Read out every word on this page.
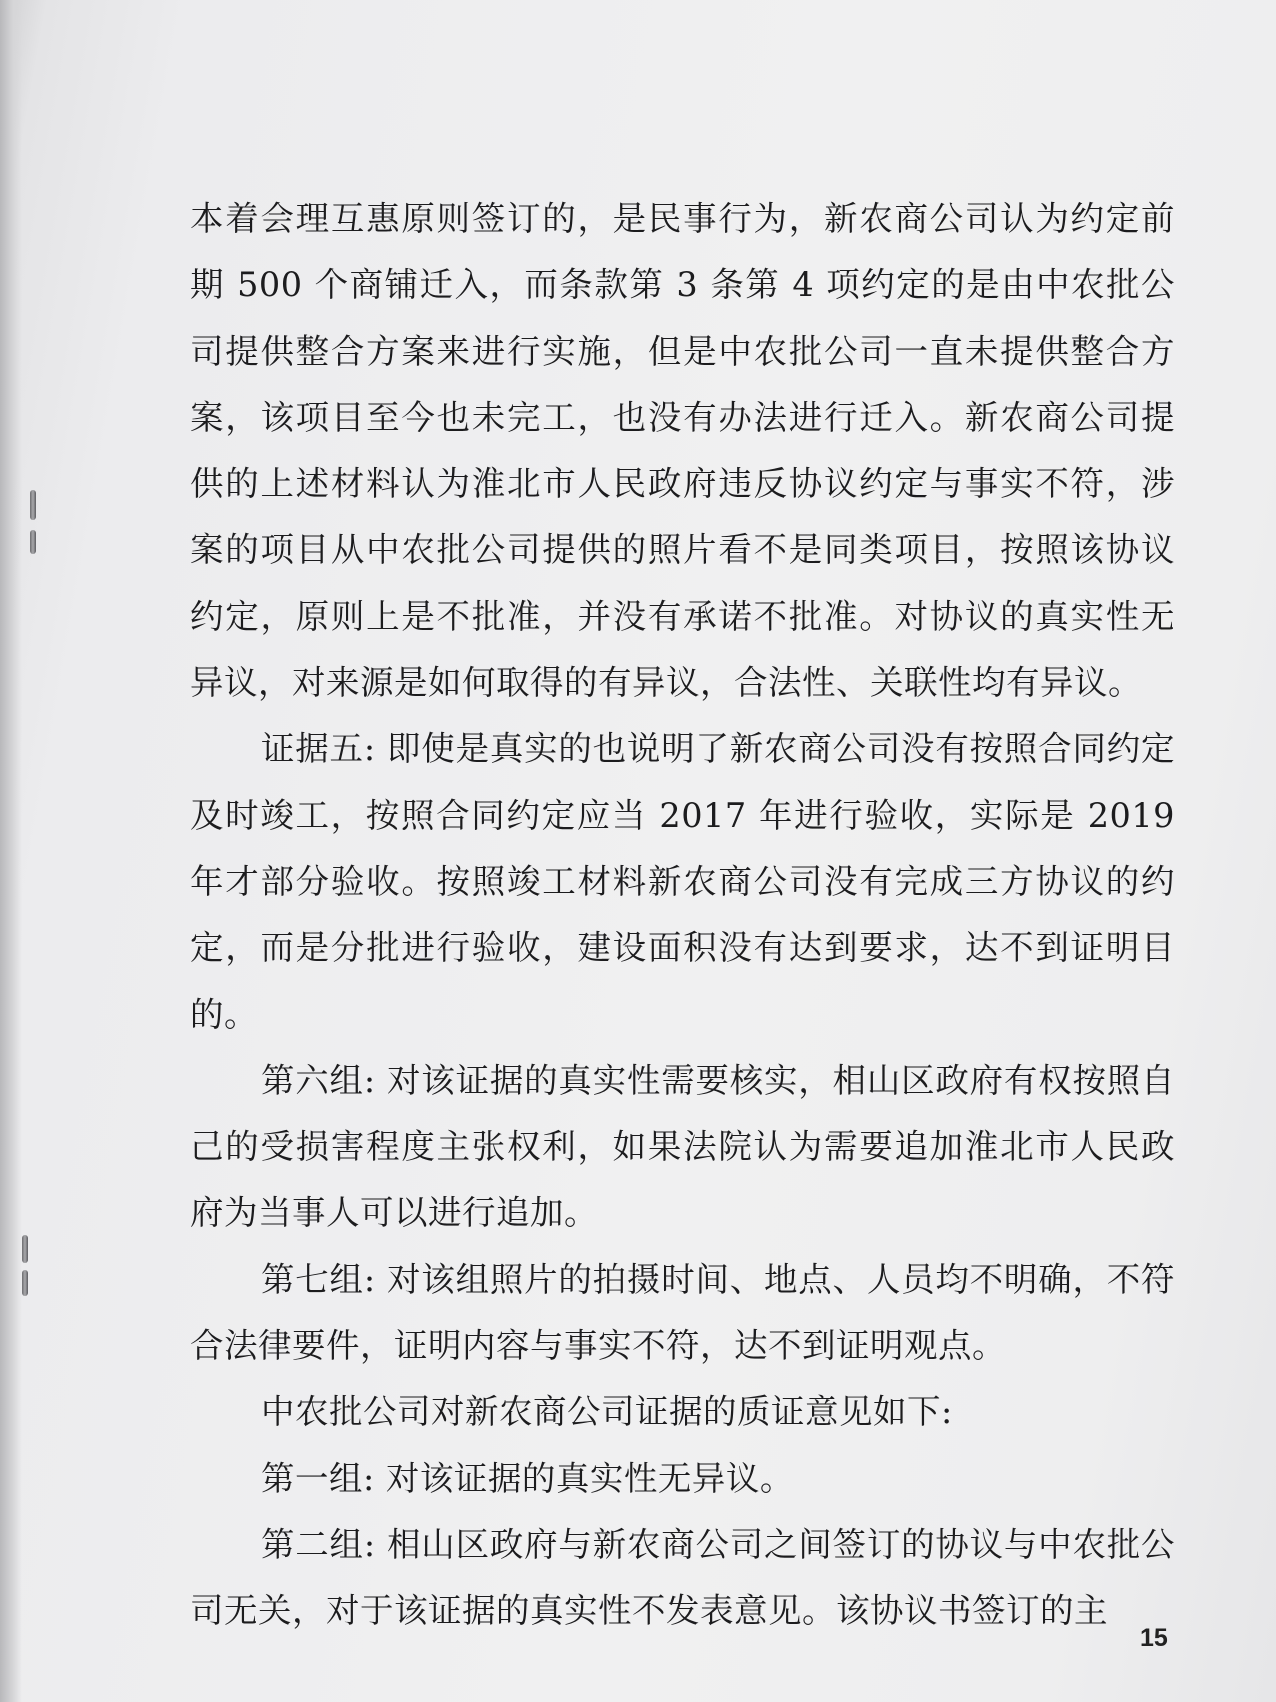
本着会理互惠原则签订的，是民事行为，新农商公司认为约定前期 500 个商铺迁入，而条款第 3 条第 4 项约定的是由中农批公司提供整合方案来进行实施，但是中农批公司一直未提供整合方案，该项目至今也未完工，也没有办法进行迁入。新农商公司提供的上述材料认为淮北市人民政府违反协议约定与事实不符，涉案的项目从中农批公司提供的照片看不是同类项目，按照该协议约定，原则上是不批准，并没有承诺不批准。对协议的真实性无异议，对来源是如何取得的有异议，合法性、关联性均有异议。

证据五: 即使是真实的也说明了新农商公司没有按照合同约定及时竣工，按照合同约定应当 2017 年进行验收，实际是 2019 年才部分验收。按照竣工材料新农商公司没有完成三方协议的约定，而是分批进行验收，建设面积没有达到要求，达不到证明目的。

第六组: 对该证据的真实性需要核实，相山区政府有权按照自己的受损害程度主张权利，如果法院认为需要追加淮北市人民政府为当事人可以进行追加。

第七组: 对该组照片的拍摄时间、地点、人员均不明确，不符合法律要件，证明内容与事实不符，达不到证明观点。

中农批公司对新农商公司证据的质证意见如下:

第一组: 对该证据的真实性无异议。

第二组: 相山区政府与新农商公司之间签订的协议与中农批公司无关，对于该证据的真实性不发表意见。该协议书签订的主

15
